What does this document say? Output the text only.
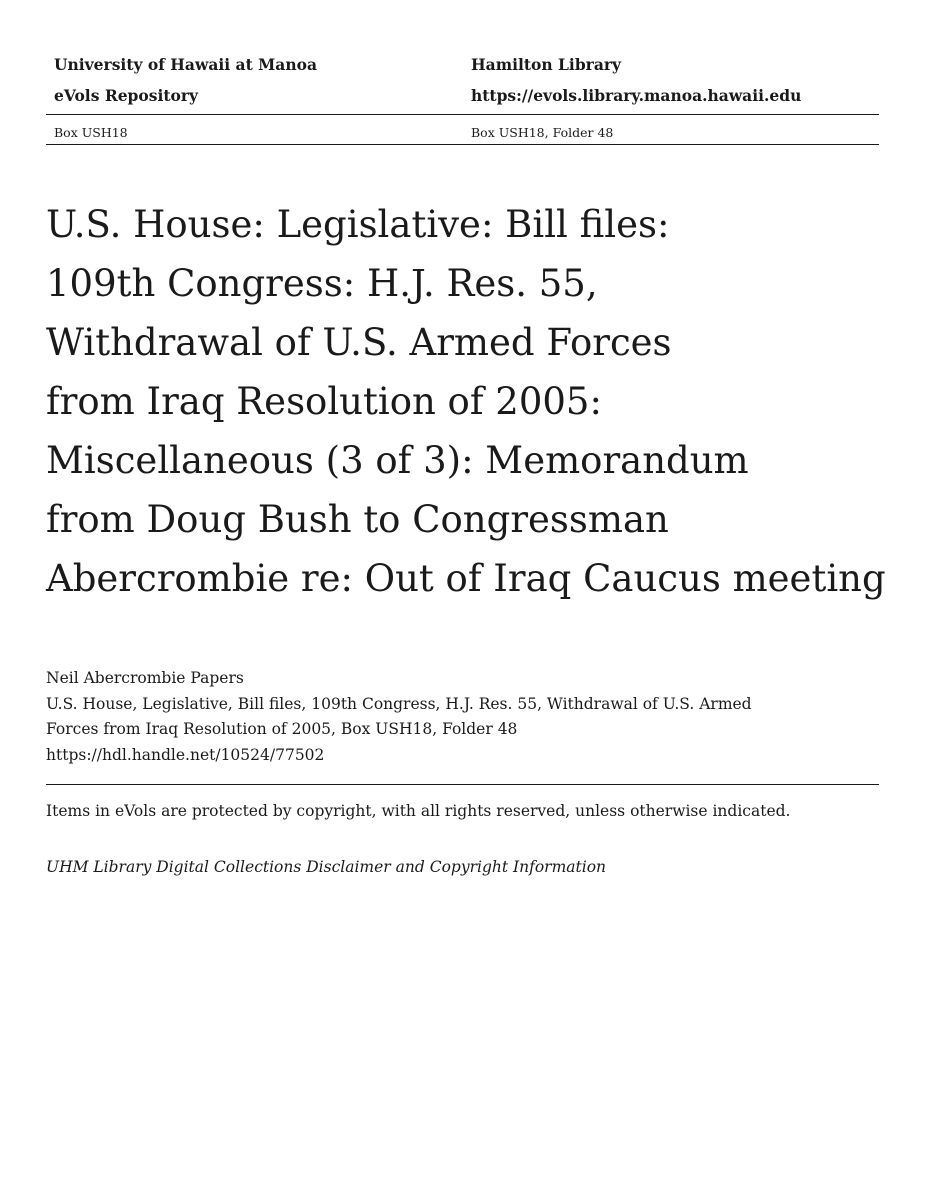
University of Hawaii at Manoa
eVols Repository
Hamilton Library
https://evols.library.manoa.hawaii.edu
Box USH18	Box USH18, Folder 48
U.S. House: Legislative: Bill files:
109th Congress: H.J. Res. 55,
Withdrawal of U.S. Armed Forces
from Iraq Resolution of 2005:
Miscellaneous (3 of 3): Memorandum
from Doug Bush to Congressman
Abercrombie re: Out of Iraq Caucus meeting
Neil Abercrombie Papers
U.S. House, Legislative, Bill files, 109th Congress, H.J. Res. 55, Withdrawal of U.S. Armed
Forces from Iraq Resolution of 2005, Box USH18, Folder 48
https://hdl.handle.net/10524/77502
Items in eVols are protected by copyright, with all rights reserved, unless otherwise indicated.
UHM Library Digital Collections Disclaimer and Copyright Information
